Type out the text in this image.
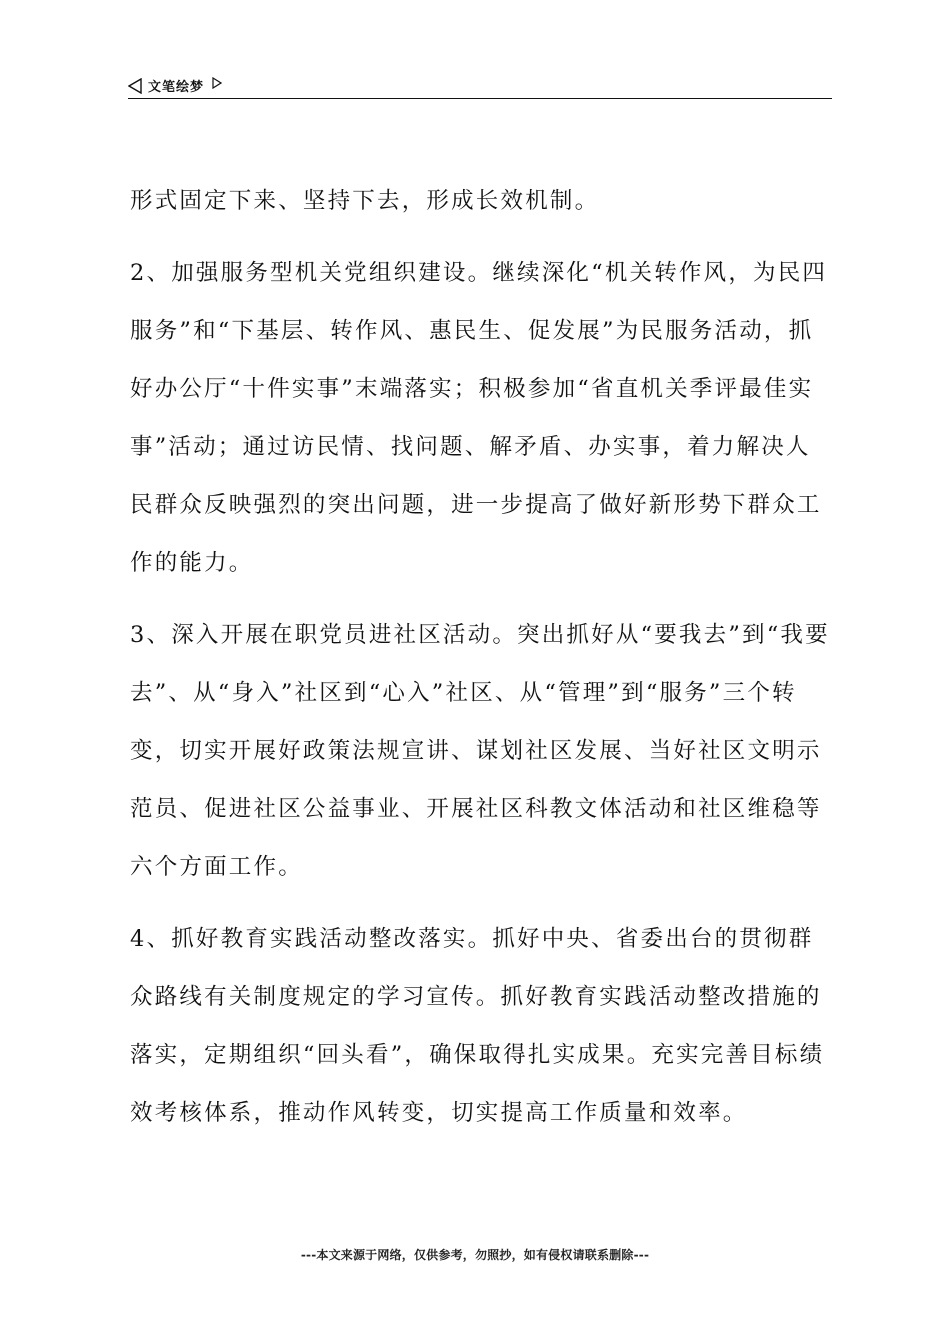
文笔绘梦

形式固定下来、坚持下去，形成长效机制。

2、加强服务型机关党组织建设。继续深化“机关转作风，为民四服务”和“下基层、转作风、惠民生、促发展”为民服务活动，抓好办公厅“十件实事”末端落实；积极参加“省直机关季评最佳实事”活动；通过访民情、找问题、解矛盾、办实事，着力解决人民群众反映强烈的突出问题，进一步提高了做好新形势下群众工作的能力。

3、深入开展在职党员进社区活动。突出抓好从“要我去”到“我要去”、从“身入”社区到“心入”社区、从“管理”到“服务”三个转变，切实开展好政策法规宣讲、谋划社区发展、当好社区文明示范员、促进社区公益事业、开展社区科教文体活动和社区维稳等六个方面工作。

4、抓好教育实践活动整改落实。抓好中央、省委出台的贯彻群众路线有关制度规定的学习宣传。抓好教育实践活动整改措施的落实，定期组织“回头看”，确保取得扎实成果。充实完善目标绩效考核体系，推动作风转变，切实提高工作质量和效率。

---本文来源于网络，仅供参考，勿照抄，如有侵权请联系删除---
